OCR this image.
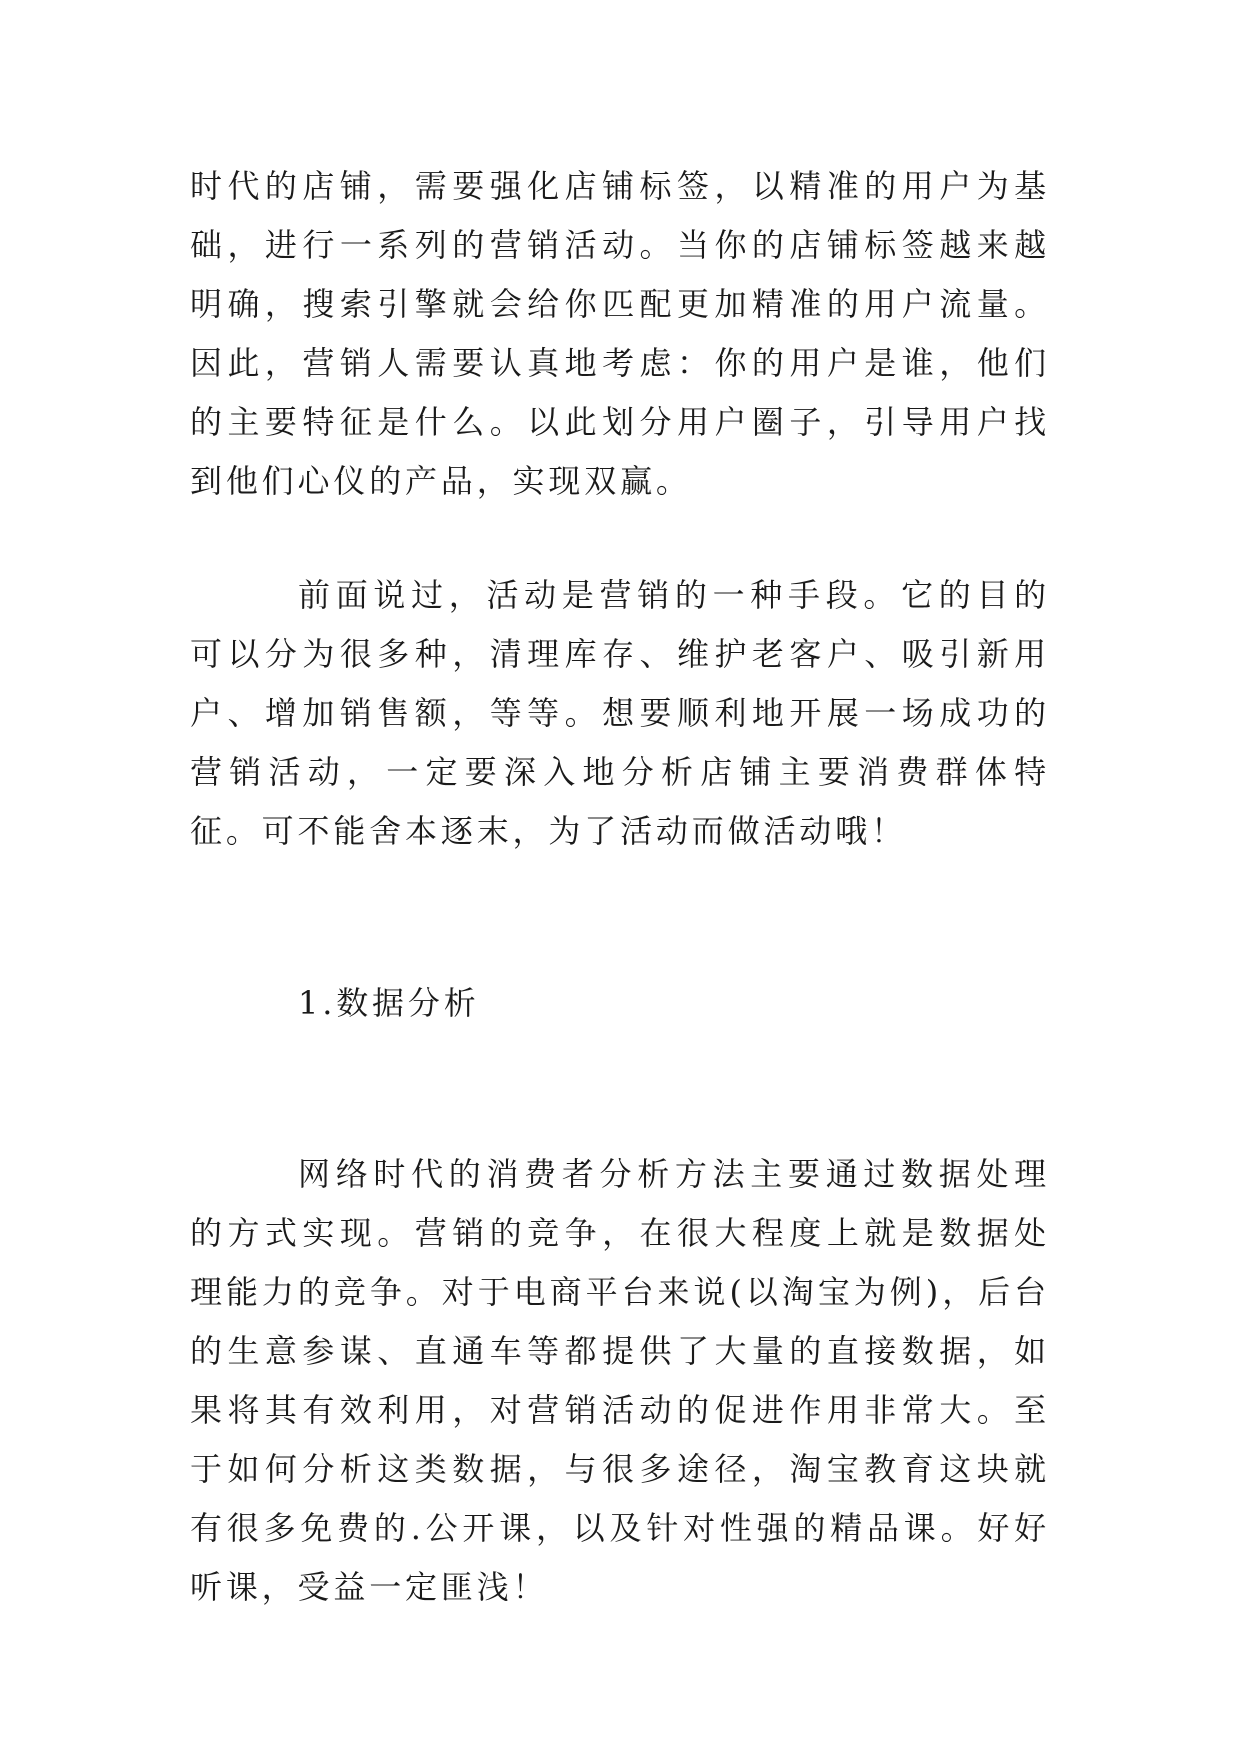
时代的店铺，需要强化店铺标签，以精准的用户为基础，进行一系列的营销活动。当你的店铺标签越来越明确，搜索引擎就会给你匹配更加精准的用户流量。因此，营销人需要认真地考虑：你的用户是谁，他们的主要特征是什么。以此划分用户圈子，引导用户找到他们心仪的产品，实现双赢。

前面说过，活动是营销的一种手段。它的目的可以分为很多种，清理库存、维护老客户、吸引新用户、增加销售额，等等。想要顺利地开展一场成功的营销活动，一定要深入地分析店铺主要消费群体特征。可不能舍本逐末，为了活动而做活动哦！

1.数据分析

网络时代的消费者分析方法主要通过数据处理的方式实现。营销的竞争，在很大程度上就是数据处理能力的竞争。对于电商平台来说(以淘宝为例)，后台的生意参谋、直通车等都提供了大量的直接数据，如果将其有效利用，对营销活动的促进作用非常大。至于如何分析这类数据，与很多途径，淘宝教育这块就有很多免费的.公开课，以及针对性强的精品课。好好听课，受益一定匪浅！
